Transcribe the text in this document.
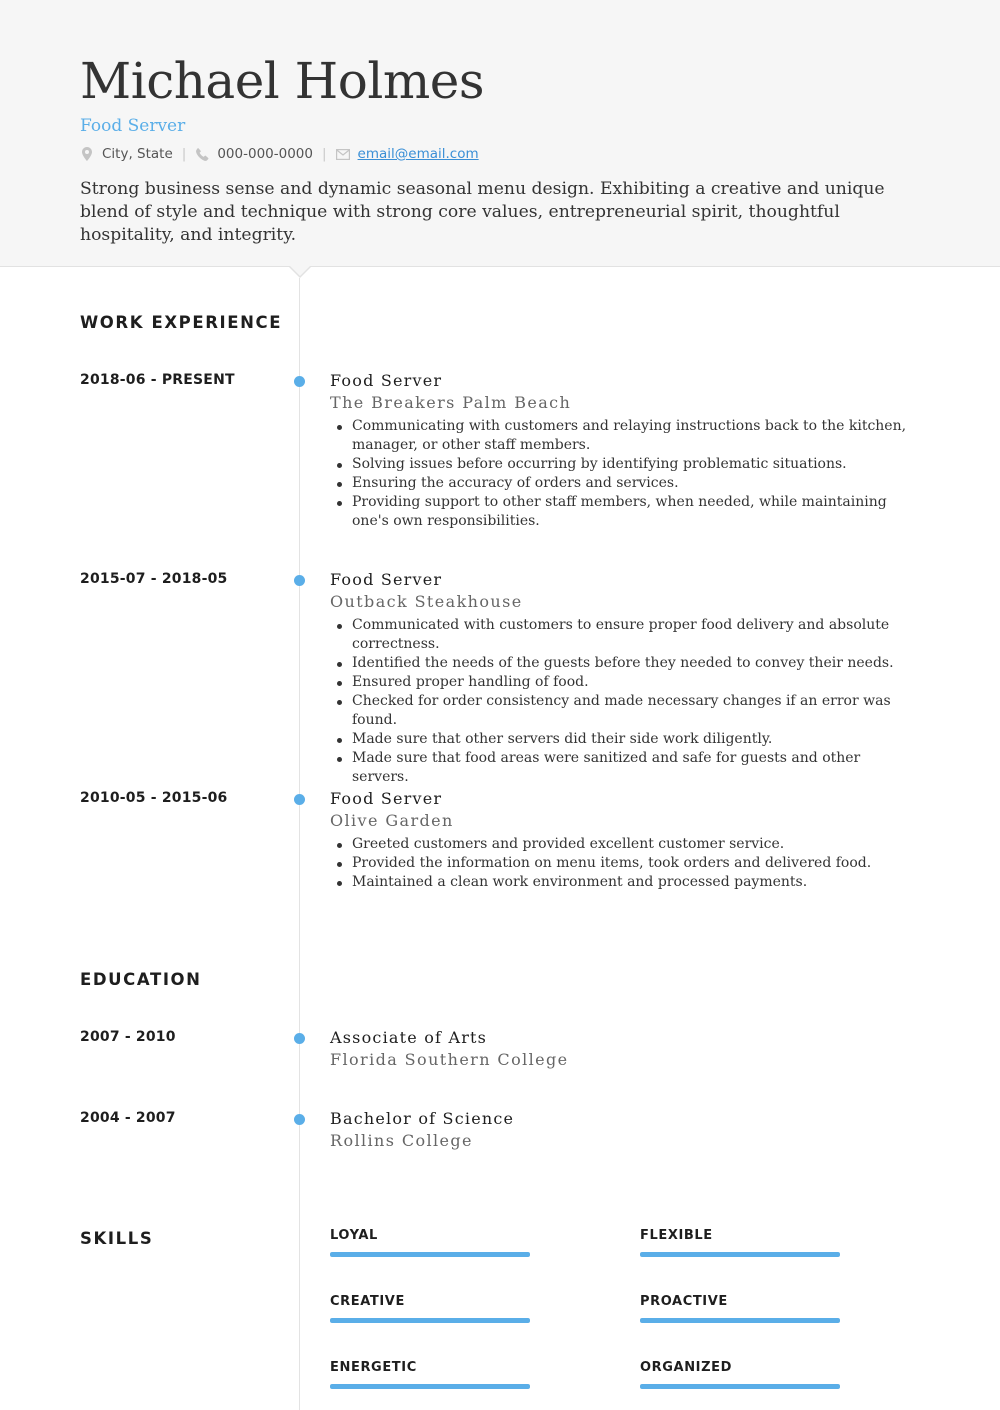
Michael Holmes
Food Server
City, State | 000-000-0000 | email@email.com
Strong business sense and dynamic seasonal menu design. Exhibiting a creative and unique blend of style and technique with strong core values, entrepreneurial spirit, thoughtful hospitality, and integrity.
WORK EXPERIENCE
2018-06 - PRESENT	Food Server
The Breakers Palm Beach
Communicating with customers and relaying instructions back to the kitchen, manager, or other staff members.
Solving issues before occurring by identifying problematic situations.
Ensuring the accuracy of orders and services.
Providing support to other staff members, when needed, while maintaining one's own responsibilities.
2015-07 - 2018-05	Food Server
Outback Steakhouse
Communicated with customers to ensure proper food delivery and absolute correctness.
Identified the needs of the guests before they needed to convey their needs.
Ensured proper handling of food.
Checked for order consistency and made necessary changes if an error was found.
Made sure that other servers did their side work diligently.
Made sure that food areas were sanitized and safe for guests and other servers.
2010-05 - 2015-06	Food Server
Olive Garden
Greeted customers and provided excellent customer service.
Provided the information on menu items, took orders and delivered food.
Maintained a clean work environment and processed payments.
EDUCATION
2007 - 2010	Associate of Arts
Florida Southern College
2004 - 2007	Bachelor of Science
Rollins College
SKILLS	LOYAL	FLEXIBLE
CREATIVE	PROACTIVE
ENERGETIC	ORGANIZED
